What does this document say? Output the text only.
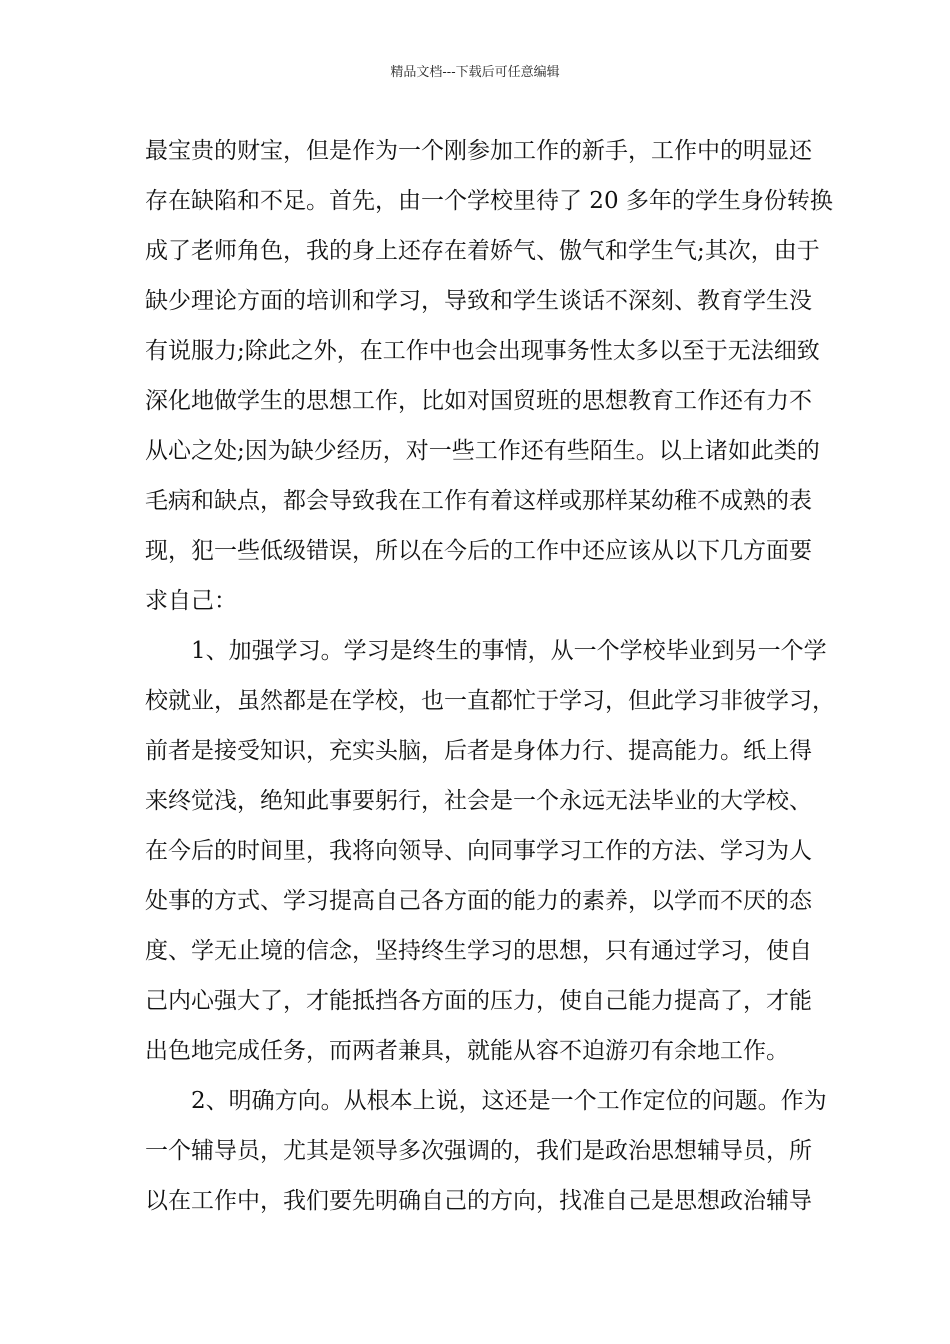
精品文档---下载后可任意编辑
最宝贵的财宝，但是作为一个刚参加工作的新手，工作中的明显还
存在缺陷和不足。首先，由一个学校里待了 20 多年的学生身份转换
成了老师角色，我的身上还存在着娇气、傲气和学生气;其次，由于
缺少理论方面的培训和学习，导致和学生谈话不深刻、教育学生没
有说服力;除此之外，在工作中也会出现事务性太多以至于无法细致
深化地做学生的思想工作，比如对国贸班的思想教育工作还有力不
从心之处;因为缺少经历，对一些工作还有些陌生。以上诸如此类的
毛病和缺点，都会导致我在工作有着这样或那样某幼稚不成熟的表
现，犯一些低级错误，所以在今后的工作中还应该从以下几方面要
求自己：
　　1、加强学习。学习是终生的事情，从一个学校毕业到另一个学
校就业，虽然都是在学校，也一直都忙于学习，但此学习非彼学习，
前者是接受知识，充实头脑，后者是身体力行、提高能力。纸上得
来终觉浅，绝知此事要躬行，社会是一个永远无法毕业的大学校、
在今后的时间里，我将向领导、向同事学习工作的方法、学习为人
处事的方式、学习提高自己各方面的能力的素养，以学而不厌的态
度、学无止境的信念，坚持终生学习的思想，只有通过学习，使自
己内心强大了，才能抵挡各方面的压力，使自己能力提高了，才能
出色地完成任务，而两者兼具，就能从容不迫游刃有余地工作。
　　2、明确方向。从根本上说，这还是一个工作定位的问题。作为
一个辅导员，尤其是领导多次强调的，我们是政治思想辅导员，所
以在工作中，我们要先明确自己的方向，找准自己是思想政治辅导
